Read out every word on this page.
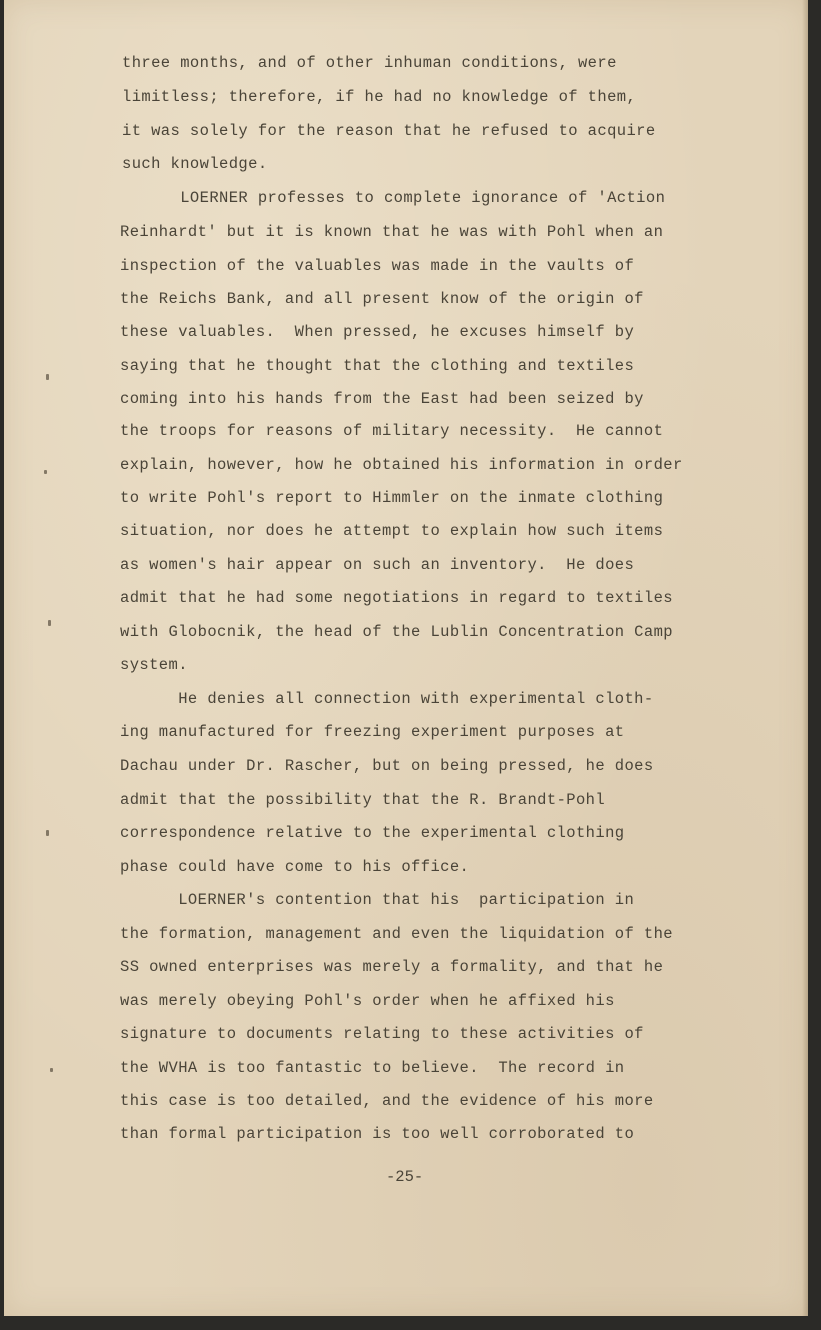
three months, and of other inhuman conditions, were
limitless; therefore, if he had no knowledge of them,
it was solely for the reason that he refused to acquire
such knowledge.
LOERNER professes to complete ignorance of 'Action
Reinhardt' but it is known that he was with Pohl when an
inspection of the valuables was made in the vaults of
the Reichs Bank, and all present know of the origin of
these valuables.  When pressed, he excuses himself by
saying that he thought that the clothing and textiles
coming into his hands from the East had been seized by
the troops for reasons of military necessity.  He cannot
explain, however, how he obtained his information in order
to write Pohl's report to Himmler on the inmate clothing
situation, nor does he attempt to explain how such items
as women's hair appear on such an inventory.  He does
admit that he had some negotiations in regard to textiles
with Globocnik, the head of the Lublin Concentration Camp
system.
He denies all connection with experimental cloth-
ing manufactured for freezing experiment purposes at
Dachau under Dr. Rascher, but on being pressed, he does
admit that the possibility that the R. Brandt-Pohl
correspondence relative to the experimental clothing
phase could have come to his office.
LOERNER's contention that his  participation in
the formation, management and even the liquidation of the
SS owned enterprises was merely a formality, and that he
was merely obeying Pohl's order when he affixed his
signature to documents relating to these activities of
the WVHA is too fantastic to believe.  The record in
this case is too detailed, and the evidence of his more
than formal participation is too well corroborated to
-25-
